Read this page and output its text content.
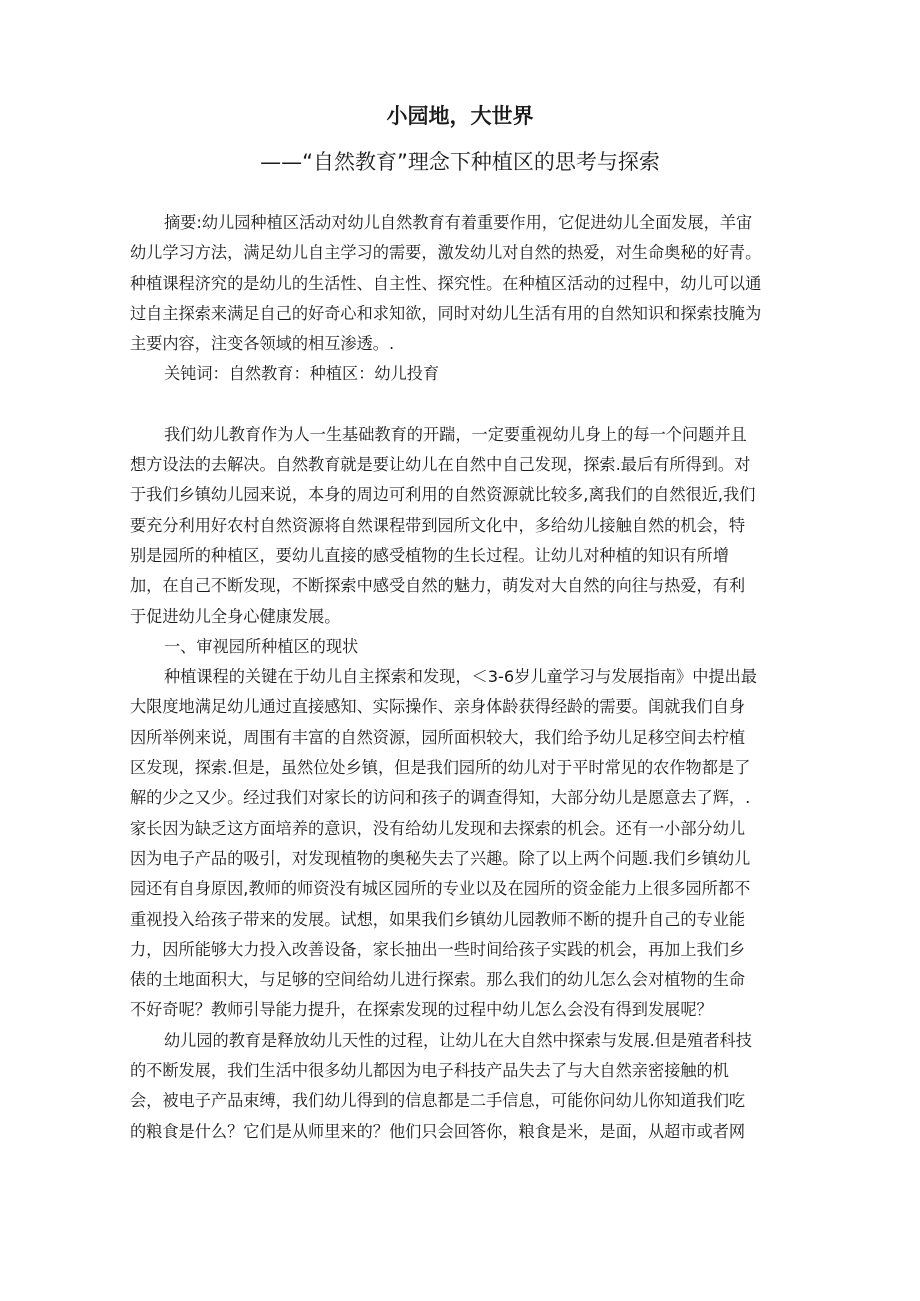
小园地，大世界
——“自然教育”理念下种植区的思考与探索

摘要:幼儿园种植区活动对幼儿自然教育有着重要作用，它促进幼儿全面发展，羊宙
幼儿学习方法，满足幼儿自主学习的需要，激发幼儿对自然的热爱，对生命奥秘的好青。
种植课程济究的是幼儿的生活性、自主性、探究性。在种植区活动的过程中，幼儿可以通
过自主探索来满足自己的好奇心和求知欲，同时对幼儿生活有用的自然知识和探索技腌为
主要内容，注变各领域的相互渗透。.

关钝词：自然教育：种植区：幼儿投育

我们幼儿教育作为人一生基础教育的开踹，一定要重视幼儿身上的每一个问题并且
想方设法的去解决。自然教育就是要让幼儿在自然中自己发现，探索.最后有所得到。对
于我们乡镇幼儿园来说，本身的周边可利用的自然资源就比较多,离我们的自然很近,我们
要充分利用好农村自然资源将自然课程带到园所文化中，多给幼儿接触自然的机会，特
别是园所的种植区，要幼儿直接的感受植物的生长过程。让幼儿对种植的知识有所增
加，在自己不断发现，不断探索中感受自然的魅力，萌发对大自然的向往与热爱，有利
于促进幼儿全身心健康发展。

一、审视园所种植区的现状

种植课程的关键在于幼儿自主探索和发现，＜3-6岁儿童学习与发展指南》中提出最
大限度地满足幼儿通过直接感知、实际操作、亲身体龄获得经龄的需要。闺就我们自身
因所举例来说，周围有丰富的自然资源，园所面枳较大，我们给予幼儿足移空间去柠植
区发现，探索.但是，虽然位处乡镇，但是我们园所的幼儿对于平时常见的农作物都是了
解的少之又少。经过我们对家长的访问和孩子的调查得知，大部分幼儿是愿意去了辉，.
家长因为缺乏这方面培养的意识，没有给幼儿发现和去探索的机会。还有一小部分幼儿
因为电子产品的吸引，对发现植物的奥秘失去了兴趣。除了以上两个问题.我们乡镇幼儿
园还有自身原因,教师的师资没有城区园所的专业以及在园所的资金能力上很多园所都不
重视投入给孩子带来的发展。试想，如果我们乡镇幼儿园教师不断的提升自己的专业能
力，因所能够大力投入改善设备，家长抽出一些时间给孩子实践的机会，再加上我们乡
俵的土地面积大，与足够的空间给幼儿进行探索。那么我们的幼儿怎么会对植物的生命
不好奇呢？教师引导能力提升，在探索发现的过程中幼儿怎么会没有得到发展呢？

幼儿园的教育是释放幼儿天性的过程，让幼儿在大自然中探索与发展.但是殖者科技
的不断发展，我们生活中很多幼儿都因为电子科技产品失去了与大自然亲密接触的机
会，被电子产品束缚，我们幼儿得到的信息都是二手信息，可能你问幼儿你知道我们吃
的粮食是什么？它们是从师里来的？他们只会回答你，粮食是米，是面，从超市或者网
